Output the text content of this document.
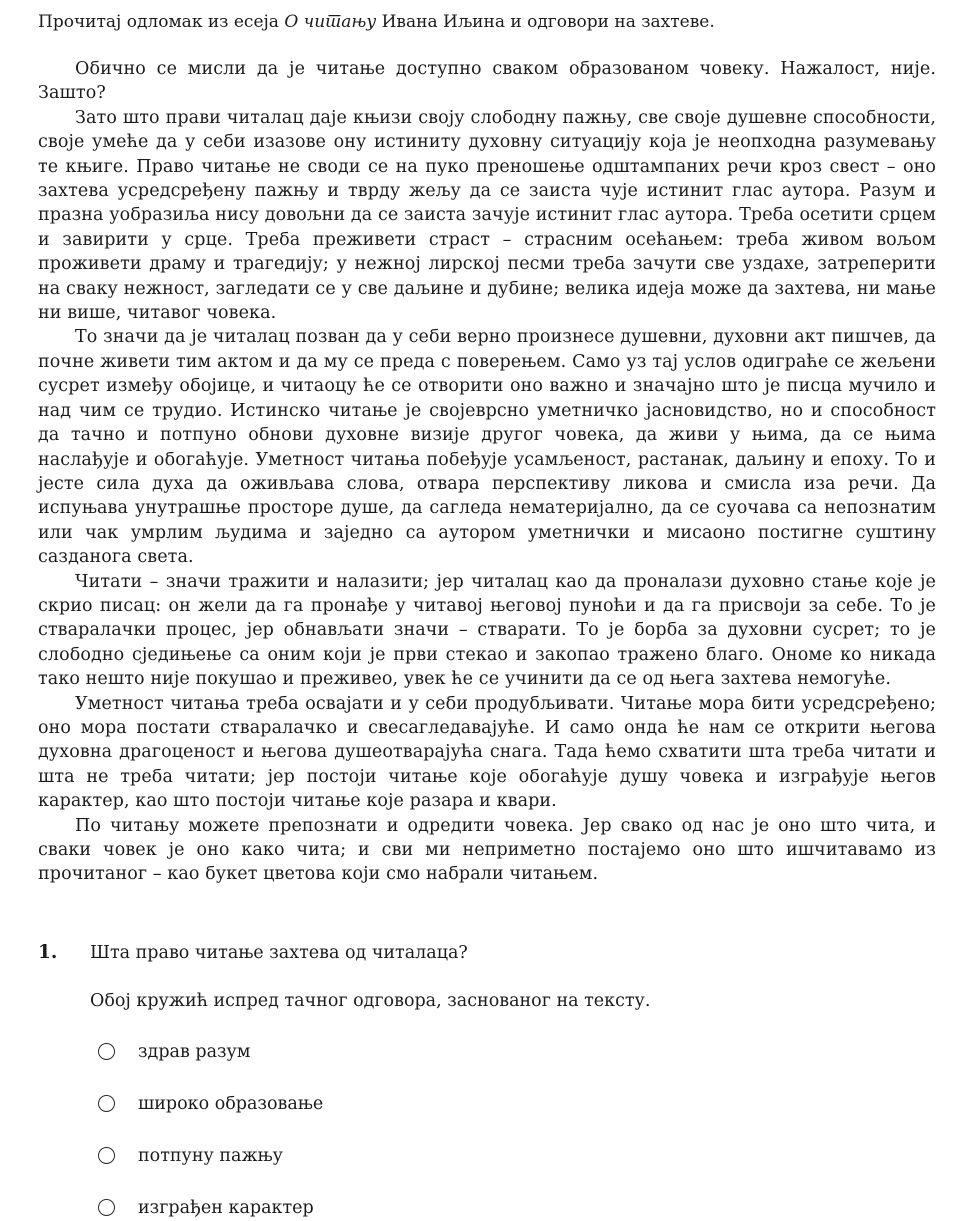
Прочитај одломак из есеја О читању Ивана Иљина и одговори на захтеве.

Обично се мисли да је читање доступно сваком образованом човеку. Нажалост, није. Зашто?

Зато што прави читалац даје књизи своју слободну пажњу, све своје душевне способности, своје умеће да у себи изазове ону истиниту духовну ситуацију која је неопходна разумевању те књиге. Право читање не своди се на пуко преношење одштампаних речи кроз свест – оно захтева усредсређену пажњу и тврду жељу да се заиста чује истинит глас аутора. Разум и празна уобразиља нису довољни да се заиста зачује истинит глас аутора. Треба осетити срцем и завирити у срце. Треба преживети страст – страсним осећањем: треба живом вољом проживети драму и трагедију; у нежној лирској песми треба зачути све уздахе, затреперити на сваку нежност, загледати се у све даљине и дубине; велика идеја може да захтева, ни мање ни више, читавог човека.

То значи да је читалац позван да у себи верно произнесе душевни, духовни акт пишчев, да почне живети тим актом и да му се преда с поверењем. Само уз тај услов одиграће се жељени сусрет између обојице, и читаоцу ће се отворити оно важно и значајно што је писца мучило и над чим се трудио. Истинско читање је својеврсно уметничко јасновидство, но и способност да тачно и потпуно обнови духовне визије другог човека, да живи у њима, да се њима наслађује и обогаћује. Уметност читања побеђује усамљеност, растанак, даљину и епоху. То и јесте сила духа да оживљава слова, отвара перспективу ликова и смисла иза речи. Да испуњава унутрашње просторе душе, да сагледа нематеријално, да се суочава са непознатим или чак умрлим људима и заједно са аутором уметнички и мисаоно постигне суштину сазданога света.

Читати – значи тражити и налазити; јер читалац као да проналази духовно стање које је скрио писац: он жели да га пронађе у читавој његовој пуноћи и да га присвоји за себе. То је стваралачки процес, јер обнављати значи – стварати. То је борба за духовни сусрет; то је слободно сједињење са оним који је први стекао и закопао тражено благо. Ономе ко никада тако нешто није покушао и преживео, увек ће се учинити да се од њега захтева немогуће.

Уметност читања треба освајати и у себи продубљивати. Читање мора бити усредсређено; оно мора постати стваралачко и свесагледавајуће. И само онда ће нам се открити његова духовна драгоценост и његова душеотварајућа снага. Тада ћемо схватити шта треба читати и шта не треба читати; јер постоји читање које обогаћује душу човека и изграђује његов карактер, као што постоји читање које разара и квари.

По читању можете препознати и одредити човека. Јер свако од нас је оно што чита, и сваки човек је оно како чита; и сви ми неприметно постајемо оно што ишчитавамо из прочитаног – као букет цветова који смо набрали читањем.

1.	Шта право читање захтева од читалаца?

Обој кружић испред тачног одговора, заснованог на тексту.

здрав разум
широко образовање
потпуну пажњу
изграђен карактер
